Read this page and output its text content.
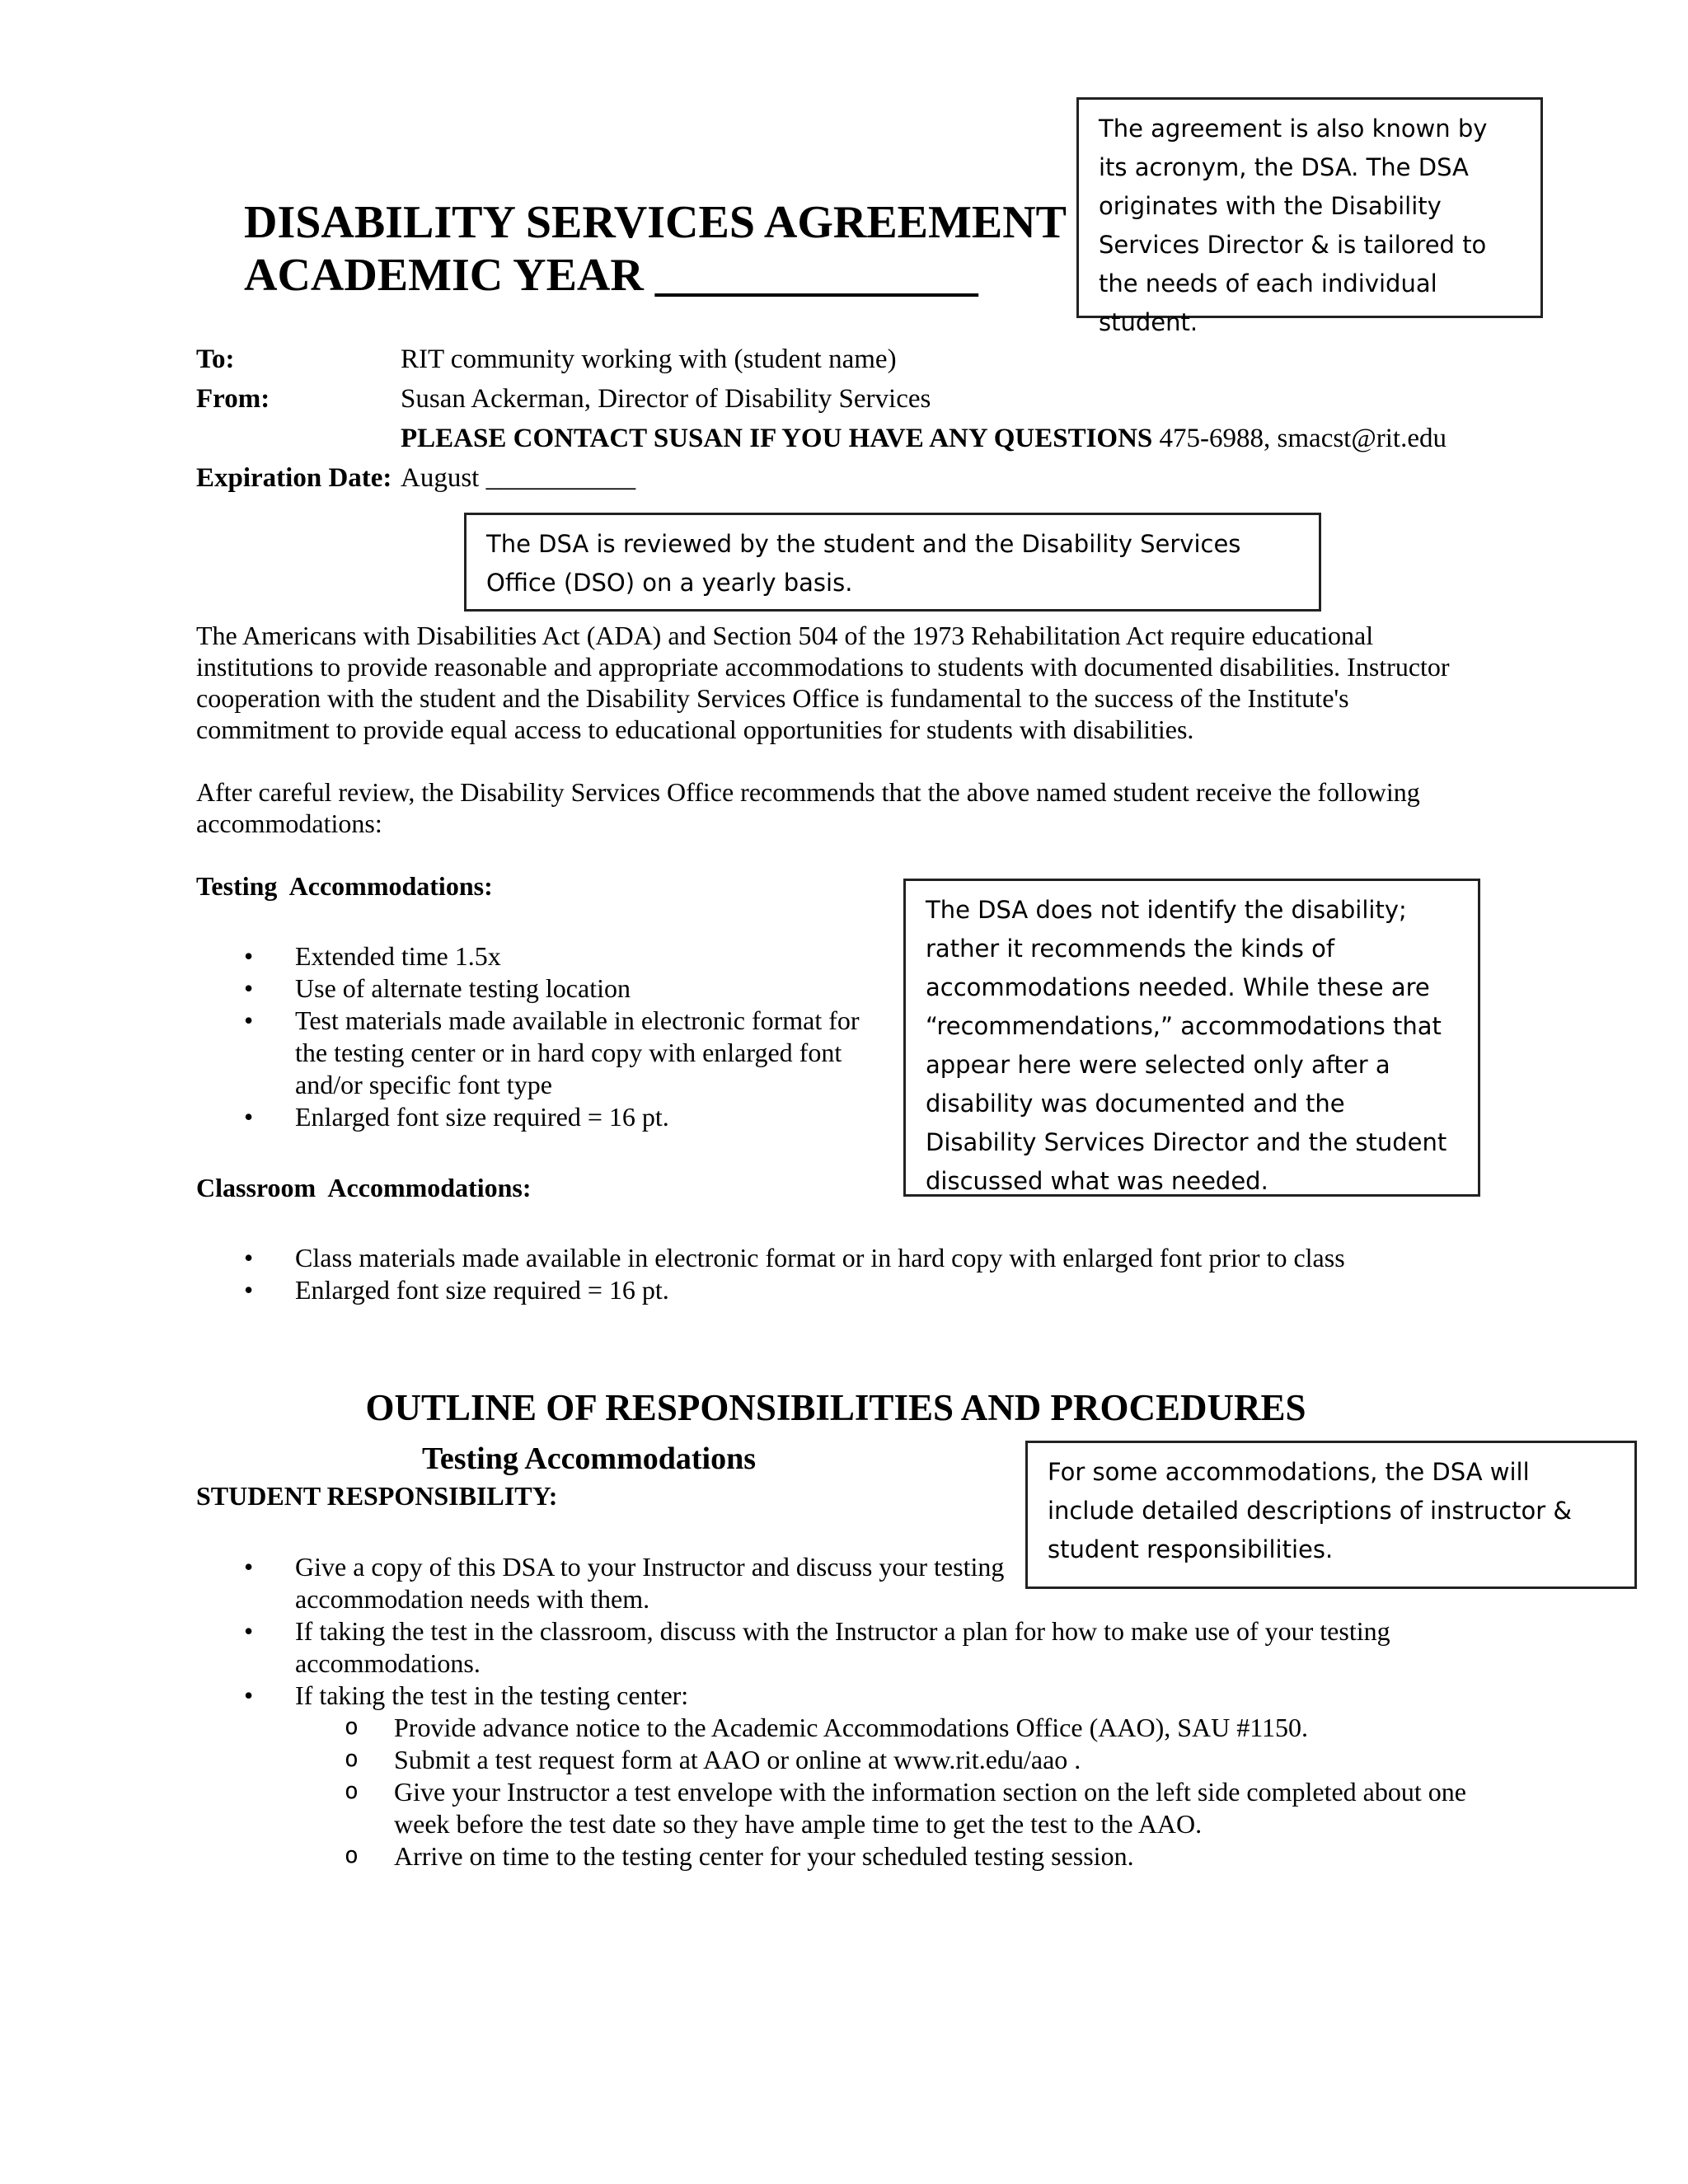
The agreement is also known by its acronym, the DSA. The DSA originates with the Disability Services Director & is tailored to the needs of each individual student.
DISABILITY SERVICES AGREEMENT
ACADEMIC YEAR ______________
To:	RIT community working with (student name)
From:	Susan Ackerman, Director of Disability Services
PLEASE CONTACT SUSAN IF YOU HAVE ANY QUESTIONS 475-6988, smacst@rit.edu
Expiration Date: August ___________
The DSA is reviewed by the student and the Disability Services Office (DSO) on a yearly basis.
The Americans with Disabilities Act (ADA) and Section 504 of the 1973 Rehabilitation Act require educational institutions to provide reasonable and appropriate accommodations to students with documented disabilities. Instructor cooperation with the student and the Disability Services Office is fundamental to the success of the Institute's commitment to provide equal access to educational opportunities for students with disabilities.
After careful review, the Disability Services Office recommends that the above named student receive the following accommodations:
Testing  Accommodations:
• Extended time 1.5x
• Use of alternate testing location
• Test materials made available in electronic format for the testing center or in hard copy with enlarged font and/or specific font type
• Enlarged font size required = 16 pt.
The DSA does not identify the disability; rather it recommends the kinds of accommodations needed. While these are “recommendations,” accommodations that appear here were selected only after a disability was documented and the Disability Services Director and the student discussed what was needed.
Classroom  Accommodations:
• Class materials made available in electronic format or in hard copy with enlarged font prior to class
• Enlarged font size required = 16 pt.
OUTLINE OF RESPONSIBILITIES AND PROCEDURES
Testing Accommodations
STUDENT RESPONSIBILITY:
For some accommodations, the DSA will include detailed descriptions of instructor & student responsibilities.
• Give a copy of this DSA to your Instructor and discuss your testing accommodation needs with them.
• If taking the test in the classroom, discuss with the Instructor a plan for how to make use of your testing accommodations.
• If taking the test in the testing center:
o Provide advance notice to the Academic Accommodations Office (AAO), SAU #1150.
o Submit a test request form at AAO or online at www.rit.edu/aao .
o Give your Instructor a test envelope with the information section on the left side completed about one week before the test date so they have ample time to get the test to the AAO.
o Arrive on time to the testing center for your scheduled testing session.
